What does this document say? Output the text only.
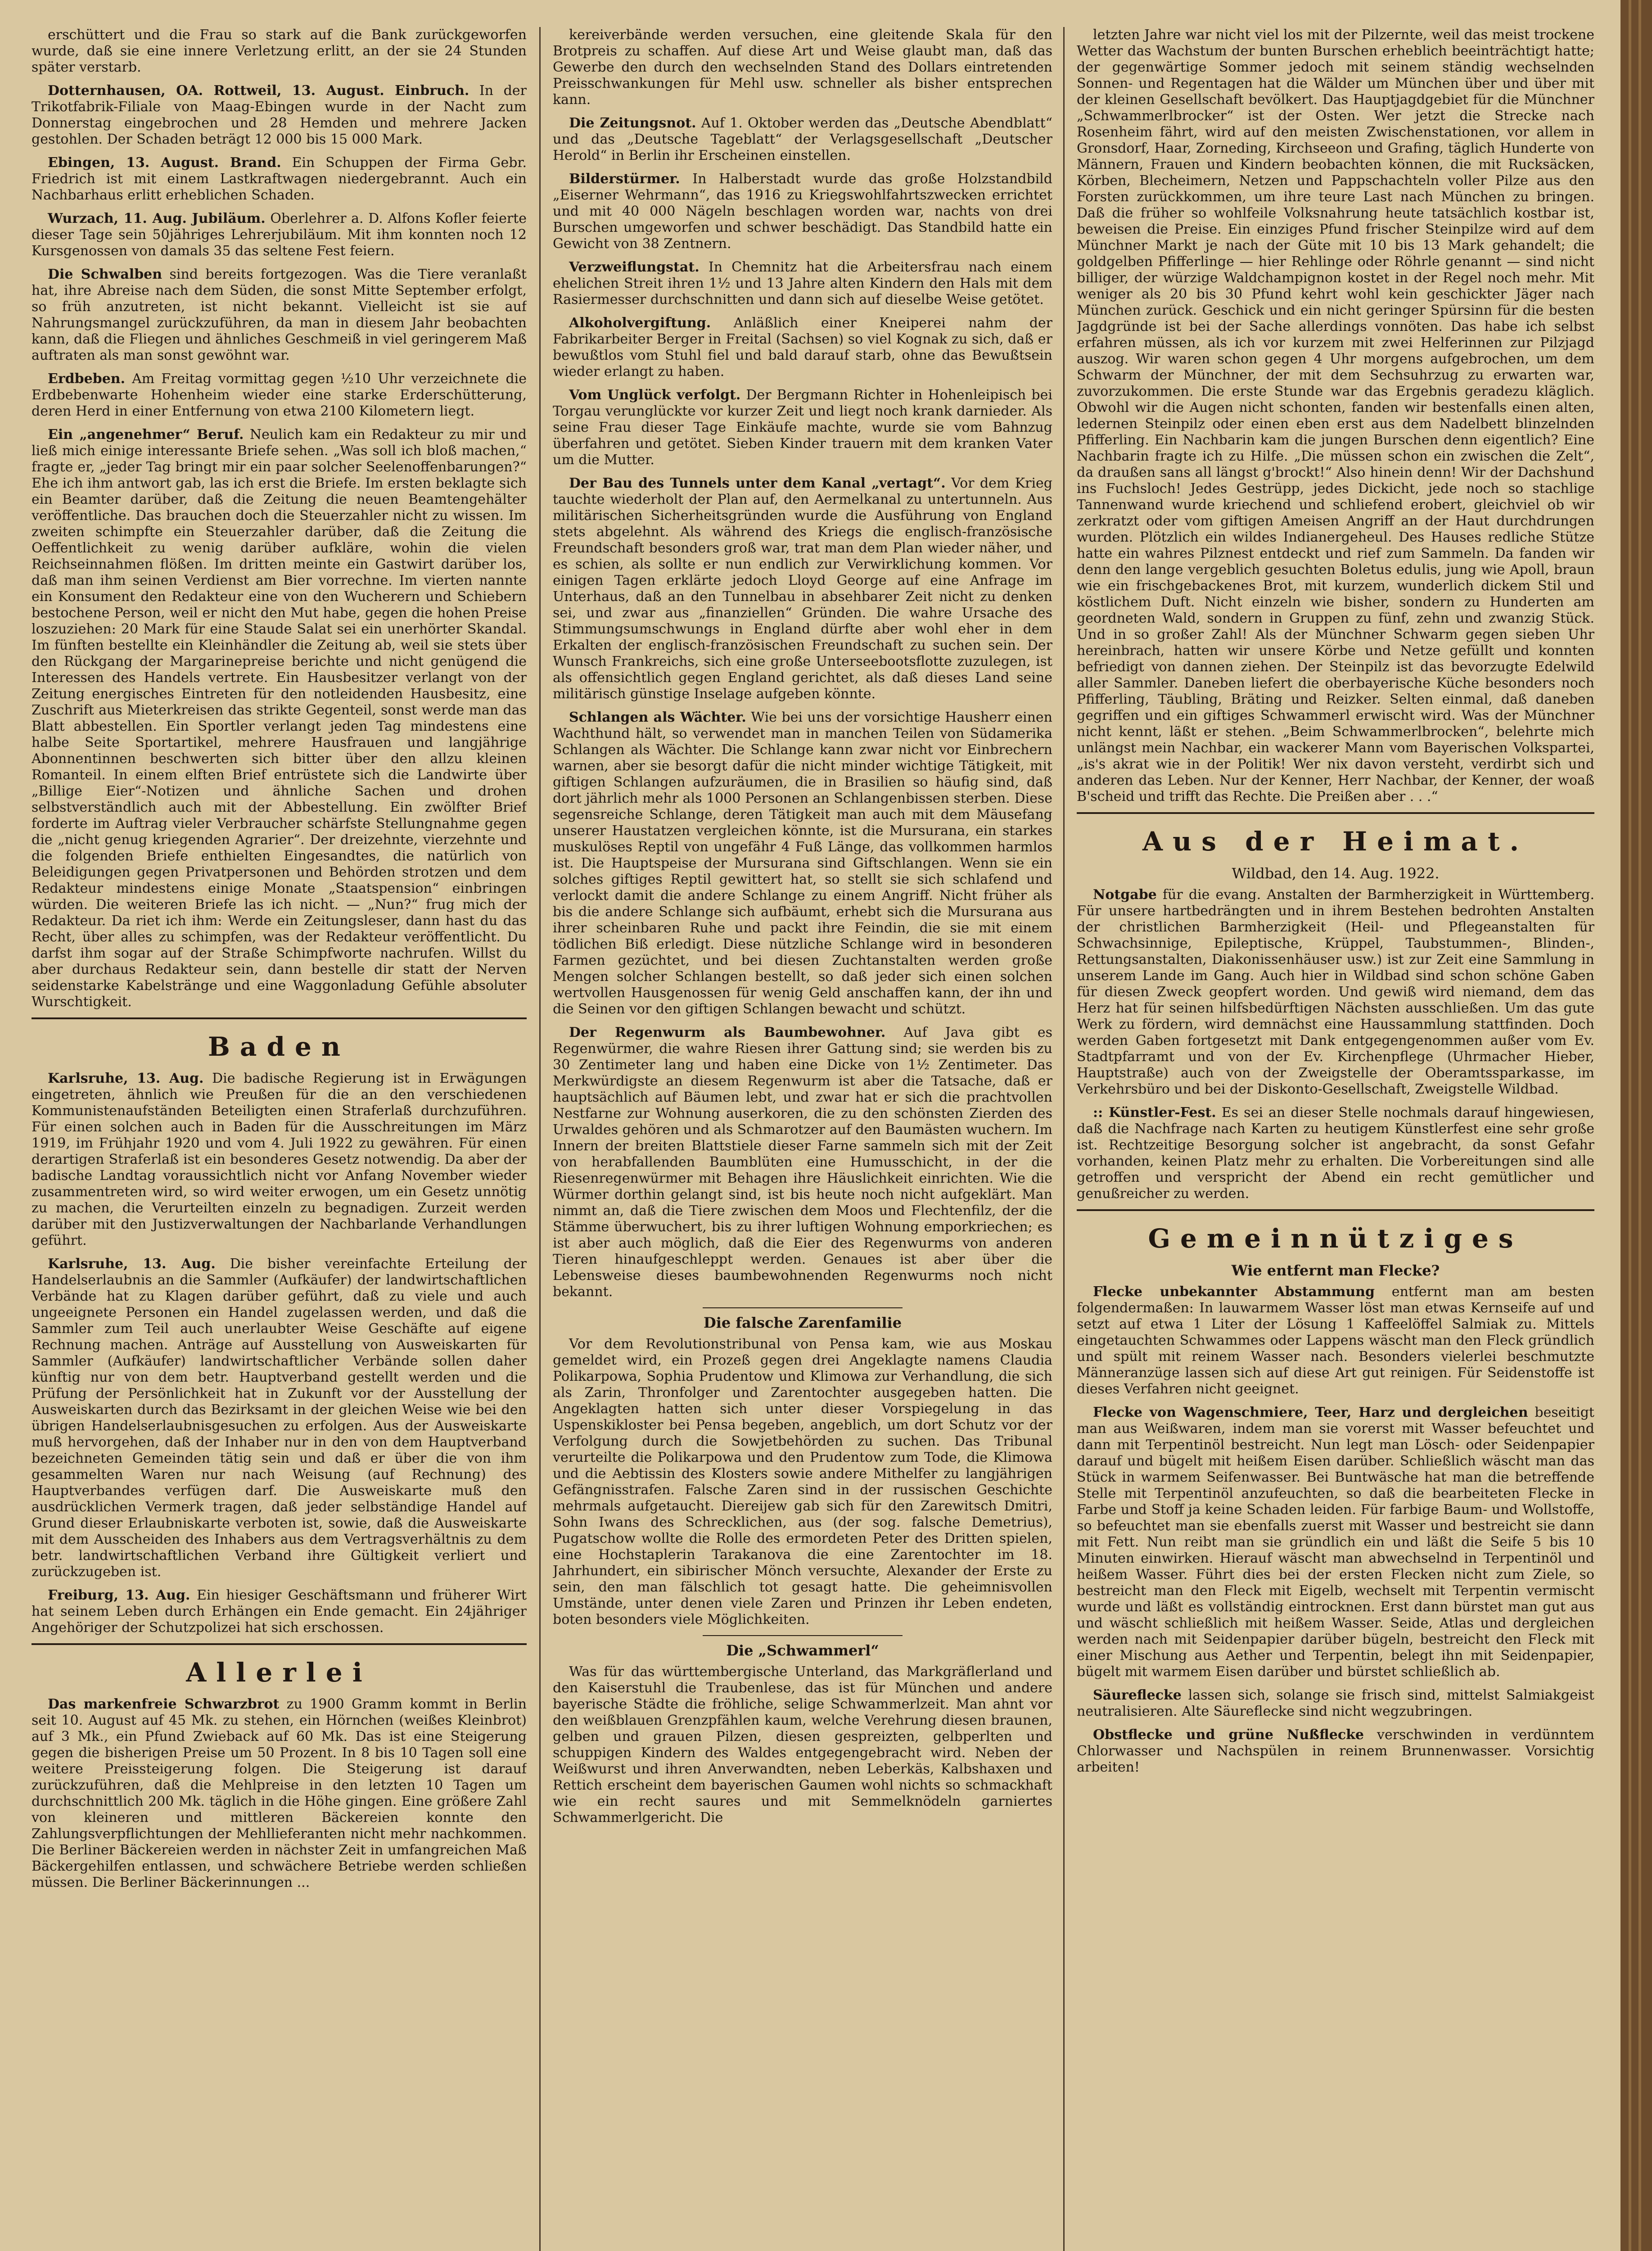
erschüttert und die Frau so stark auf die Bank zurückgeworfen wurde, daß sie eine innere Verletzung erlitt, an der sie 24 Stunden später verstarb.

Dotternhausen, OA. Rottweil, 13. August. Einbruch. In der Trikotfabrik-Filiale von Maag-Ebingen wurde in der Nacht zum Donnerstag eingebrochen und 28 Hemden und mehrere Jacken gestohlen. Der Schaden beträgt 12 000 bis 15 000 Mark.

Ebingen, 13. August. Brand. Ein Schuppen der Firma Gebr. Friedrich ist mit einem Lastkraftwagen niedergebrannt. Auch ein Nachbarhaus erlitt erheblichen Schaden.

Wurzach, 11. Aug. Jubiläum. Oberlehrer a. D. Alfons Kofler feierte dieser Tage sein 50jähriges Lehrerjubiläum. Mit ihm konnten noch 12 Kursgenossen von damals 35 das seltene Fest feiern.

Die Schwalben sind bereits fortgezogen. Was die Tiere veranlaßt hat, ihre Abreise nach dem Süden, die sonst Mitte September erfolgt, so früh anzutreten, ist nicht bekannt. Vielleicht ist sie auf Nahrungsmangel zurückzuführen, da man in diesem Jahr beobachten kann, daß die Fliegen und ähnliches Geschmeiß in viel geringerem Maß auftraten als man sonst gewöhnt war.

Erdbeben. Am Freitag vormittag gegen ½10 Uhr verzeichnete die Erdbebenwarte Hohenheim wieder eine starke Erderschütterung, deren Herd in einer Entfernung von etwa 2100 Kilometern liegt.

Ein „angenehmer“ Beruf. Neulich kam ein Redakteur zu mir und ließ mich einige interessante Briefe sehen. „Was soll ich bloß machen,“ fragte er, „jeder Tag bringt mir ein paar solcher Seelenoffenbarungen?“ Ehe ich ihm antwort gab, las ich erst die Briefe. Im ersten beklagte sich ein Beamter darüber, daß die Zeitung die neuen Beamtengehälter veröffentliche. Das brauchen doch die Steuerzahler nicht zu wissen. Im zweiten schimpfte ein Steuerzahler darüber, daß die Zeitung die Oeffentlichkeit zu wenig darüber aufkläre, wohin die vielen Reichseinnahmen flößen. Im dritten meinte ein Gastwirt darüber los, daß man ihm seinen Verdienst am Bier vorrechne. Im vierten nannte ein Konsument den Redakteur eine von den Wucherern und Schiebern bestochene Person, weil er nicht den Mut habe, gegen die hohen Preise loszuziehen: 20 Mark für eine Staude Salat sei ein unerhörter Skandal. Im fünften bestellte ein Kleinhändler die Zeitung ab, weil sie stets über den Rückgang der Margarinepreise berichte und nicht genügend die Interessen des Handels vertrete. Ein Hausbesitzer verlangt von der Zeitung energisches Eintreten für den notleidenden Hausbesitz, eine Zuschrift aus Mieterkreisen das strikte Gegenteil, sonst werde man das Blatt abbestellen. Ein Sportler verlangt jeden Tag mindestens eine halbe Seite Sportartikel, mehrere Hausfrauen und langjährige Abonnentinnen beschwerten sich bitter über den allzu kleinen Romanteil. In einem elften Brief entrüstete sich die Landwirte über „Billige Eier“-Notizen und ähnliche Sachen und drohen selbstverständlich auch mit der Abbestellung. Ein zwölfter Brief forderte im Auftrag vieler Verbraucher schärfste Stellungnahme gegen die „nicht genug kriegenden Agrarier“. Der dreizehnte, vierzehnte und die folgenden Briefe enthielten Eingesandtes, die natürlich von Beleidigungen gegen Privatpersonen und Behörden strotzen und dem Redakteur mindestens einige Monate „Staatspension“ einbringen würden. Die weiteren Briefe las ich nicht. — „Nun?“ frug mich der Redakteur. Da riet ich ihm: Werde ein Zeitungsleser, dann hast du das Recht, über alles zu schimpfen, was der Redakteur veröffentlicht. Du darfst ihm sogar auf der Straße Schimpfworte nachrufen. Willst du aber durchaus Redakteur sein, dann bestelle dir statt der Nerven seidenstarke Kabelstränge und eine Waggonladung Gefühle absoluter Wurschtigkeit.

Baden

Karlsruhe, 13. Aug. Die badische Regierung ist in Erwägungen eingetreten, ähnlich wie Preußen für die an den verschiedenen Kommunistenaufständen Beteiligten einen Straferlaß durchzuführen. Für einen solchen auch in Baden für die Ausschreitungen im März 1919, im Frühjahr 1920 und vom 4. Juli 1922 zu gewähren. Für einen derartigen Straferlaß ist ein besonderes Gesetz notwendig. Da aber der badische Landtag voraussichtlich nicht vor Anfang November wieder zusammentreten wird, so wird weiter erwogen, um ein Gesetz unnötig zu machen, die Verurteilten einzeln zu begnadigen. Zurzeit werden darüber mit den Justizverwaltungen der Nachbarlande Verhandlungen geführt.

Karlsruhe, 13. Aug. Die bisher vereinfachte Erteilung der Handelserlaubnis an die Sammler (Aufkäufer) der landwirtschaftlichen Verbände hat zu Klagen darüber geführt, daß zu viele und auch ungeeignete Personen ein Handel zugelassen werden, und daß die Sammler zum Teil auch unerlaubter Weise Geschäfte auf eigene Rechnung machen. Anträge auf Ausstellung von Ausweiskarten für Sammler (Aufkäufer) landwirtschaftlicher Verbände sollen daher künftig nur von dem betr. Hauptverband gestellt werden und die Prüfung der Persönlichkeit hat in Zukunft vor der Ausstellung der Ausweiskarten durch das Bezirksamt in der gleichen Weise wie bei den übrigen Handelserlaubnisgesuchen zu erfolgen. Aus der Ausweiskarte muß hervorgehen, daß der Inhaber nur in den von dem Hauptverband bezeichneten Gemeinden tätig sein und daß er über die von ihm gesammelten Waren nur nach Weisung (auf Rechnung) des Hauptverbandes verfügen darf. Die Ausweiskarte muß den ausdrücklichen Vermerk tragen, daß jeder selbständige Handel auf Grund dieser Erlaubniskarte verboten ist, sowie, daß die Ausweiskarte mit dem Ausscheiden des Inhabers aus dem Vertragsverhältnis zu dem betr. landwirtschaftlichen Verband ihre Gültigkeit verliert und zurückzugeben ist.

Freiburg, 13. Aug. Ein hiesiger Geschäftsmann und früherer Wirt hat seinem Leben durch Erhängen ein Ende gemacht. Ein 24jähriger Angehöriger der Schutzpolizei hat sich erschossen.

Allerlei

Das markenfreie Schwarzbrot zu 1900 Gramm kommt in Berlin seit 10. August auf 45 Mk. zu stehen, ein Hörnchen (weißes Kleinbrot) auf 3 Mk., ein Pfund Zwieback auf 60 Mk. Das ist eine Steigerung gegen die bisherigen Preise um 50 Prozent. In 8 bis 10 Tagen soll eine weitere Preissteigerung folgen. Die Steigerung ist darauf zurückzuführen, daß die Mehlpreise in den letzten 10 Tagen um durchschnittlich 200 Mk. täglich in die Höhe gingen. Eine größere Zahl von kleineren und mittleren Bäckereien konnte den Zahlungsverpflichtungen der Mehllieferanten nicht mehr nachkommen. Die Berliner Bäckereien werden in nächster Zeit in umfangreichen Maß Bäckergehilfen entlassen, und schwächere Betriebe werden schließen müssen. Die Berliner Bäckerinnungen ...

kereiverbände werden versuchen, eine gleitende Skala für den Brotpreis zu schaffen. Auf diese Art und Weise glaubt man, daß das Gewerbe den durch den wechselnden Stand des Dollars eintretenden Preisschwankungen für Mehl usw. schneller als bisher entsprechen kann.

Die Zeitungsnot. Auf 1. Oktober werden das „Deutsche Abendblatt“ und das „Deutsche Tageblatt“ der Verlagsgesellschaft „Deutscher Herold“ in Berlin ihr Erscheinen einstellen.

Bilderstürmer. In Halberstadt wurde das große Holzstandbild „Eiserner Wehrmann“, das 1916 zu Kriegswohlfahrtszwecken errichtet und mit 40 000 Nägeln beschlagen worden war, nachts von drei Burschen umgeworfen und schwer beschädigt. Das Standbild hatte ein Gewicht von 38 Zentnern.

Verzweiflungstat. In Chemnitz hat die Arbeitersfrau nach einem ehelichen Streit ihren 1½ und 13 Jahre alten Kindern den Hals mit dem Rasiermesser durchschnitten und dann sich auf dieselbe Weise getötet.

Alkoholvergiftung. Anläßlich einer Kneiperei nahm der Fabrikarbeiter Berger in Freital (Sachsen) so viel Kognak zu sich, daß er bewußtlos vom Stuhl fiel und bald darauf starb, ohne das Bewußtsein wieder erlangt zu haben.

Vom Unglück verfolgt. Der Bergmann Richter in Hohenleipisch bei Torgau verunglückte vor kurzer Zeit und liegt noch krank darnieder. Als seine Frau dieser Tage Einkäufe machte, wurde sie vom Bahnzug überfahren und getötet. Sieben Kinder trauern mit dem kranken Vater um die Mutter.

Der Bau des Tunnels unter dem Kanal „vertagt“. Vor dem Krieg tauchte wiederholt der Plan auf, den Aermelkanal zu untertunneln. Aus militärischen Sicherheitsgründen wurde die Ausführung von England stets abgelehnt. Als während des Kriegs die englisch-französische Freundschaft besonders groß war, trat man dem Plan wieder näher, und es schien, als sollte er nun endlich zur Verwirklichung kommen. Vor einigen Tagen erklärte jedoch Lloyd George auf eine Anfrage im Unterhaus, daß an den Tunnelbau in absehbarer Zeit nicht zu denken sei, und zwar aus „finanziellen“ Gründen. Die wahre Ursache des Stimmungsumschwungs in England dürfte aber wohl eher in dem Erkalten der englisch-französischen Freundschaft zu suchen sein. Der Wunsch Frankreichs, sich eine große Unterseebootsflotte zuzulegen, ist als offensichtlich gegen England gerichtet, als daß dieses Land seine militärisch günstige Inselage aufgeben könnte.

Schlangen als Wächter. Wie bei uns der vorsichtige Hausherr einen Wachthund hält, so verwendet man in manchen Teilen von Südamerika Schlangen als Wächter. Die Schlange kann zwar nicht vor Einbrechern warnen, aber sie besorgt dafür die nicht minder wichtige Tätigkeit, mit giftigen Schlangen aufzuräumen, die in Brasilien so häufig sind, daß dort jährlich mehr als 1000 Personen an Schlangenbissen sterben. Diese segensreiche Schlange, deren Tätigkeit man auch mit dem Mäusefang unserer Haustatzen vergleichen könnte, ist die Mursurana, ein starkes muskulöses Reptil von ungefähr 4 Fuß Länge, das vollkommen harmlos ist. Die Hauptspeise der Mursurana sind Giftschlangen. Wenn sie ein solches giftiges Reptil gewittert hat, so stellt sie sich schlafend und verlockt damit die andere Schlange zu einem Angriff. Nicht früher als bis die andere Schlange sich aufbäumt, erhebt sich die Mursurana aus ihrer scheinbaren Ruhe und packt ihre Feindin, die sie mit einem tödlichen Biß erledigt. Diese nützliche Schlange wird in besonderen Farmen gezüchtet, und bei diesen Zuchtanstalten werden große Mengen solcher Schlangen bestellt, so daß jeder sich einen solchen wertvollen Hausgenossen für wenig Geld anschaffen kann, der ihn und die Seinen vor den giftigen Schlangen bewacht und schützt.

Der Regenwurm als Baumbewohner. Auf Java gibt es Regenwürmer, die wahre Riesen ihrer Gattung sind; sie werden bis zu 30 Zentimeter lang und haben eine Dicke von 1½ Zentimeter. Das Merkwürdigste an diesem Regenwurm ist aber die Tatsache, daß er hauptsächlich auf Bäumen lebt, und zwar hat er sich die prachtvollen Nestfarne zur Wohnung auserkoren, die zu den schönsten Zierden des Urwaldes gehören und als Schmarotzer auf den Baumästen wuchern. Im Innern der breiten Blattstiele dieser Farne sammeln sich mit der Zeit von herabfallenden Baumblüten eine Humusschicht, in der die Riesenregenwürmer mit Behagen ihre Häuslichkeit einrichten. Wie die Würmer dorthin gelangt sind, ist bis heute noch nicht aufgeklärt. Man nimmt an, daß die Tiere zwischen dem Moos und Flechtenfilz, der die Stämme überwuchert, bis zu ihrer luftigen Wohnung emporkriechen; es ist aber auch möglich, daß die Eier des Regenwurms von anderen Tieren hinaufgeschleppt werden. Genaues ist aber über die Lebensweise dieses baumbewohnenden Regenwurms noch nicht bekannt.

Die falsche Zarenfamilie

Vor dem Revolutionstribunal von Pensa kam, wie aus Moskau gemeldet wird, ein Prozeß gegen drei Angeklagte namens Claudia Polikarpowa, Sophia Prudentow und Klimowa zur Verhandlung, die sich als Zarin, Thronfolger und Zarentochter ausgegeben hatten. Die Angeklagten hatten sich unter dieser Vorspiegelung in das Uspenskikloster bei Pensa begeben, angeblich, um dort Schutz vor der Verfolgung durch die Sowjetbehörden zu suchen. Das Tribunal verurteilte die Polikarpowa und den Prudentow zum Tode, die Klimowa und die Aebtissin des Klosters sowie andere Mithelfer zu langjährigen Gefängnisstrafen. Falsche Zaren sind in der russischen Geschichte mehrmals aufgetaucht. Diereijew gab sich für den Zarewitsch Dmitri, Sohn Iwans des Schrecklichen, aus (der sog. falsche Demetrius), Pugatschow wollte die Rolle des ermordeten Peter des Dritten spielen, eine Hochstaplerin Tarakanova die eine Zarentochter im 18. Jahrhundert, ein sibirischer Mönch versuchte, Alexander der Erste zu sein, den man fälschlich tot gesagt hatte. Die geheimnisvollen Umstände, unter denen viele Zaren und Prinzen ihr Leben endeten, boten besonders viele Möglichkeiten.

Die „Schwammerl“

Was für das württembergische Unterland, das Markgräflerland und den Kaiserstuhl die Traubenlese, das ist für München und andere bayerische Städte die fröhliche, selige Schwammerlzeit. Man ahnt vor den weißblauen Grenzpfählen kaum, welche Verehrung diesen braunen, gelben und grauen Pilzen, diesen gespreizten, gelbperlten und schuppigen Kindern des Waldes entgegengebracht wird. Neben der Weißwurst und ihren Anverwandten, neben Leberkäs, Kalbshaxen und Rettich erscheint dem bayerischen Gaumen wohl nichts so schmackhaft wie ein recht saures und mit Semmelknödeln garniertes Schwammerlgericht. Die

letzten Jahre war nicht viel los mit der Pilzernte, weil das meist trockene Wetter das Wachstum der bunten Burschen erheblich beeinträchtigt hatte; der gegenwärtige Sommer jedoch mit seinem ständig wechselnden Sonnen- und Regentagen hat die Wälder um München über und über mit der kleinen Gesellschaft bevölkert. Das Hauptjagdgebiet für die Münchner „Schwammerlbrocker“ ist der Osten. Wer jetzt die Strecke nach Rosenheim fährt, wird auf den meisten Zwischenstationen, vor allem in Gronsdorf, Haar, Zorneding, Kirchseeon und Grafing, täglich Hunderte von Männern, Frauen und Kindern beobachten können, die mit Rucksäcken, Körben, Blecheimern, Netzen und Pappschachteln voller Pilze aus den Forsten zurückkommen, um ihre teure Last nach München zu bringen. Daß die früher so wohlfeile Volksnahrung heute tatsächlich kostbar ist, beweisen die Preise. Ein einziges Pfund frischer Steinpilze wird auf dem Münchner Markt je nach der Güte mit 10 bis 13 Mark gehandelt; die goldgelben Pfifferlinge — hier Rehlinge oder Röhrle genannt — sind nicht billiger, der würzige Waldchampignon kostet in der Regel noch mehr. Mit weniger als 20 bis 30 Pfund kehrt wohl kein geschickter Jäger nach München zurück. Geschick und ein nicht geringer Spürsinn für die besten Jagdgründe ist bei der Sache allerdings vonnöten. Das habe ich selbst erfahren müssen, als ich vor kurzem mit zwei Helferinnen zur Pilzjagd auszog. Wir waren schon gegen 4 Uhr morgens aufgebrochen, um dem Schwarm der Münchner, der mit dem Sechsuhrzug zu erwarten war, zuvorzukommen. Die erste Stunde war das Ergebnis geradezu kläglich. Obwohl wir die Augen nicht schonten, fanden wir bestenfalls einen alten, ledernen Steinpilz oder einen eben erst aus dem Nadelbett blinzelnden Pfifferling. Ein Nachbarin kam die jungen Burschen denn eigentlich? Eine Nachbarin fragte ich zu Hilfe. „Die müssen schon ein zwischen die Zelt“, da draußen sans all längst g'brockt!“ Also hinein denn! Wir der Dachshund ins Fuchsloch! Jedes Gestrüpp, jedes Dickicht, jede noch so stachlige Tannenwand wurde kriechend und schliefend erobert, gleichviel ob wir zerkratzt oder vom giftigen Ameisen Angriff an der Haut durchdrungen wurden. Plötzlich ein wildes Indianergeheul. Des Hauses redliche Stütze hatte ein wahres Pilznest entdeckt und rief zum Sammeln. Da fanden wir denn den lange vergeblich gesuchten Boletus edulis, jung wie Apoll, braun wie ein frischgebackenes Brot, mit kurzem, wunderlich dickem Stil und köstlichem Duft. Nicht einzeln wie bisher, sondern zu Hunderten am geordneten Wald, sondern in Gruppen zu fünf, zehn und zwanzig Stück. Und in so großer Zahl! Als der Münchner Schwarm gegen sieben Uhr hereinbrach, hatten wir unsere Körbe und Netze gefüllt und konnten befriedigt von dannen ziehen. Der Steinpilz ist das bevorzugte Edelwild aller Sammler. Daneben liefert die oberbayerische Küche besonders noch Pfifferling, Täubling, Bräting und Reizker. Selten einmal, daß daneben gegriffen und ein giftiges Schwammerl erwischt wird. Was der Münchner nicht kennt, läßt er stehen. „Beim Schwammerlbrocken“, belehrte mich unlängst mein Nachbar, ein wackerer Mann vom Bayerischen Volkspartei, „is's akrat wie in der Politik! Wer nix davon versteht, verdirbt sich und anderen das Leben. Nur der Kenner, Herr Nachbar, der Kenner, der woaß B'scheid und trifft das Rechte. Die Preißen aber . . .“

Aus der Heimat.
Wildbad, den 14. Aug. 1922.

Notgabe für die evang. Anstalten der Barmherzigkeit in Württemberg. Für unsere hartbedrängten und in ihrem Bestehen bedrohten Anstalten der christlichen Barmherzigkeit (Heil- und Pflegeanstalten für Schwachsinnige, Epileptische, Krüppel, Taubstummen-, Blinden-, Rettungsanstalten, Diakonissenhäuser usw.) ist zur Zeit eine Sammlung in unserem Lande im Gang. Auch hier in Wildbad sind schon schöne Gaben für diesen Zweck geopfert worden. Und gewiß wird niemand, dem das Herz hat für seinen hilfsbedürftigen Nächsten ausschließen. Um das gute Werk zu fördern, wird demnächst eine Haussammlung stattfinden. Doch werden Gaben fortgesetzt mit Dank entgegengenommen außer vom Ev. Stadtpfarramt und von der Ev. Kirchenpflege (Uhrmacher Hieber, Hauptstraße) auch von der Zweigstelle der Oberamtssparkasse, im Verkehrsbüro und bei der Diskonto-Gesellschaft, Zweigstelle Wildbad.

:: Künstler-Fest. Es sei an dieser Stelle nochmals darauf hingewiesen, daß die Nachfrage nach Karten zu heutigem Künstlerfest eine sehr große ist. Rechtzeitige Besorgung solcher ist angebracht, da sonst Gefahr vorhanden, keinen Platz mehr zu erhalten. Die Vorbereitungen sind alle getroffen und verspricht der Abend ein recht gemütlicher und genußreicher zu werden.

Gemeinnütziges
Wie entfernt man Flecke?

Flecke unbekannter Abstammung entfernt man am besten folgendermaßen: In lauwarmem Wasser löst man etwas Kernseife auf und setzt auf etwa 1 Liter der Lösung 1 Kaffeelöffel Salmiak zu. Mittels eingetauchten Schwammes oder Lappens wäscht man den Fleck gründlich und spült mit reinem Wasser nach. Besonders vielerlei beschmutzte Männeranzüge lassen sich auf diese Art gut reinigen. Für Seidenstoffe ist dieses Verfahren nicht geeignet.

Flecke von Wagenschmiere, Teer, Harz und dergleichen beseitigt man aus Weißwaren, indem man sie vorerst mit Wasser befeuchtet und dann mit Terpentinöl bestreicht. Nun legt man Lösch- oder Seidenpapier darauf und bügelt mit heißem Eisen darüber. Schließlich wäscht man das Stück in warmem Seifenwasser. Bei Buntwäsche hat man die betreffende Stelle mit Terpentinöl anzufeuchten, so daß die bearbeiteten Flecke in Farbe und Stoff ja keine Schaden leiden. Für farbige Baum- und Wollstoffe, so befeuchtet man sie ebenfalls zuerst mit Wasser und bestreicht sie dann mit Fett. Nun reibt man sie gründlich ein und läßt die Seife 5 bis 10 Minuten einwirken. Hierauf wäscht man abwechselnd in Terpentinöl und heißem Wasser. Führt dies bei der ersten Flecken nicht zum Ziele, so bestreicht man den Fleck mit Eigelb, wechselt mit Terpentin vermischt wurde und läßt es vollständig eintrocknen. Erst dann bürstet man gut aus und wäscht schließlich mit heißem Wasser. Seide, Atlas und dergleichen werden nach mit Seidenpapier darüber bügeln, bestreicht den Fleck mit einer Mischung aus Aether und Terpentin, belegt ihn mit Seidenpapier, bügelt mit warmem Eisen darüber und bürstet schließlich ab.

Säureflecke lassen sich, solange sie frisch sind, mittelst Salmiakgeist neutralisieren. Alte Säureflecke sind nicht wegzubringen.

Obstflecke und grüne Nußflecke verschwinden in verdünntem Chlorwasser und Nachspülen in reinem Brunnenwasser. Vorsichtig arbeiten!
